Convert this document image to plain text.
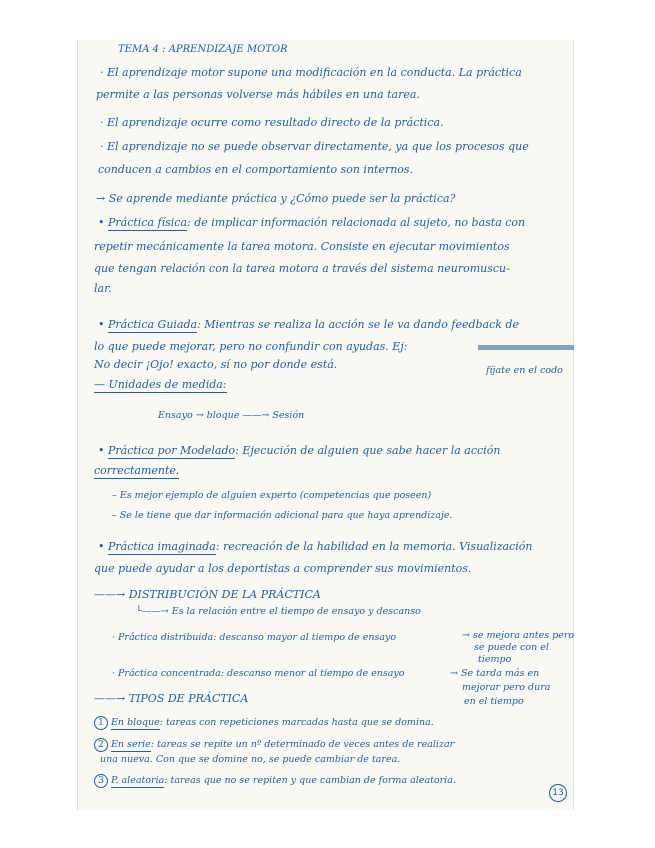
TEMA 4 : APRENDIZAJE MOTOR
· El aprendizaje motor supone una modificación en la conducta. La práctica
permite a las personas volverse más hábiles en una tarea.
· El aprendizaje ocurre como resultado directo de la práctica.
· El aprendizaje no se puede observar directamente, ya que los procesos que
conducen a cambios en el comportamiento son internos.
→ Se aprende mediante práctica y ¿Cómo puede ser la práctica?
• Práctica física: de implicar información relacionada al sujeto, no basta con
repetir mecánicamente la tarea motora. Consiste en ejecutar movimientos
que tengan relación con la tarea motora a través del sistema neuromuscu-
lar.
• Práctica Guiada: Mientras se realiza la acción se le va dando feedback de
lo que puede mejorar, pero no confundir con ayudas. Ej:
No decir ¡Ojo! exacto, sí no por donde está.	fíjate en el codo
— Unidades de medida:
Ensayo → bloque ——→ Sesión
• Práctica por Modelado: Ejecución de alguien que sabe hacer la acción
correctamente.
– Es mejor ejemplo de alguien experto (competencias que poseen)
– Se le tiene que dar información adicional para que haya aprendizaje.
• Práctica imaginada: recreación de la habilidad en la memoria. Visualización
que puede ayudar a los deportistas a comprender sus movimientos.
——→ DISTRIBUCIÓN DE LA PRÁCTICA
└——→ Es la relación entre el tiempo de ensayo y descanso
· Práctica distribuida: descanso mayor al tiempo de ensayo	→ se mejora antes pero
se puede con el
tiempo
· Práctica concentrada: descanso menor al tiempo de ensayo	→ Se tarda más en
mejorar pero dura
en el tiempo
——→ TIPOS DE PRÁCTICA
1 En bloque: tareas con repeticiones marcadas hasta que se domina.
2 En serie: tareas se repite un nº determinado de veces antes de realizar
una nueva. Con que se domine no, se puede cambiar de tarea.
3 P. aleatoria: tareas que no se repiten y que cambian de forma aleatoria.
13
